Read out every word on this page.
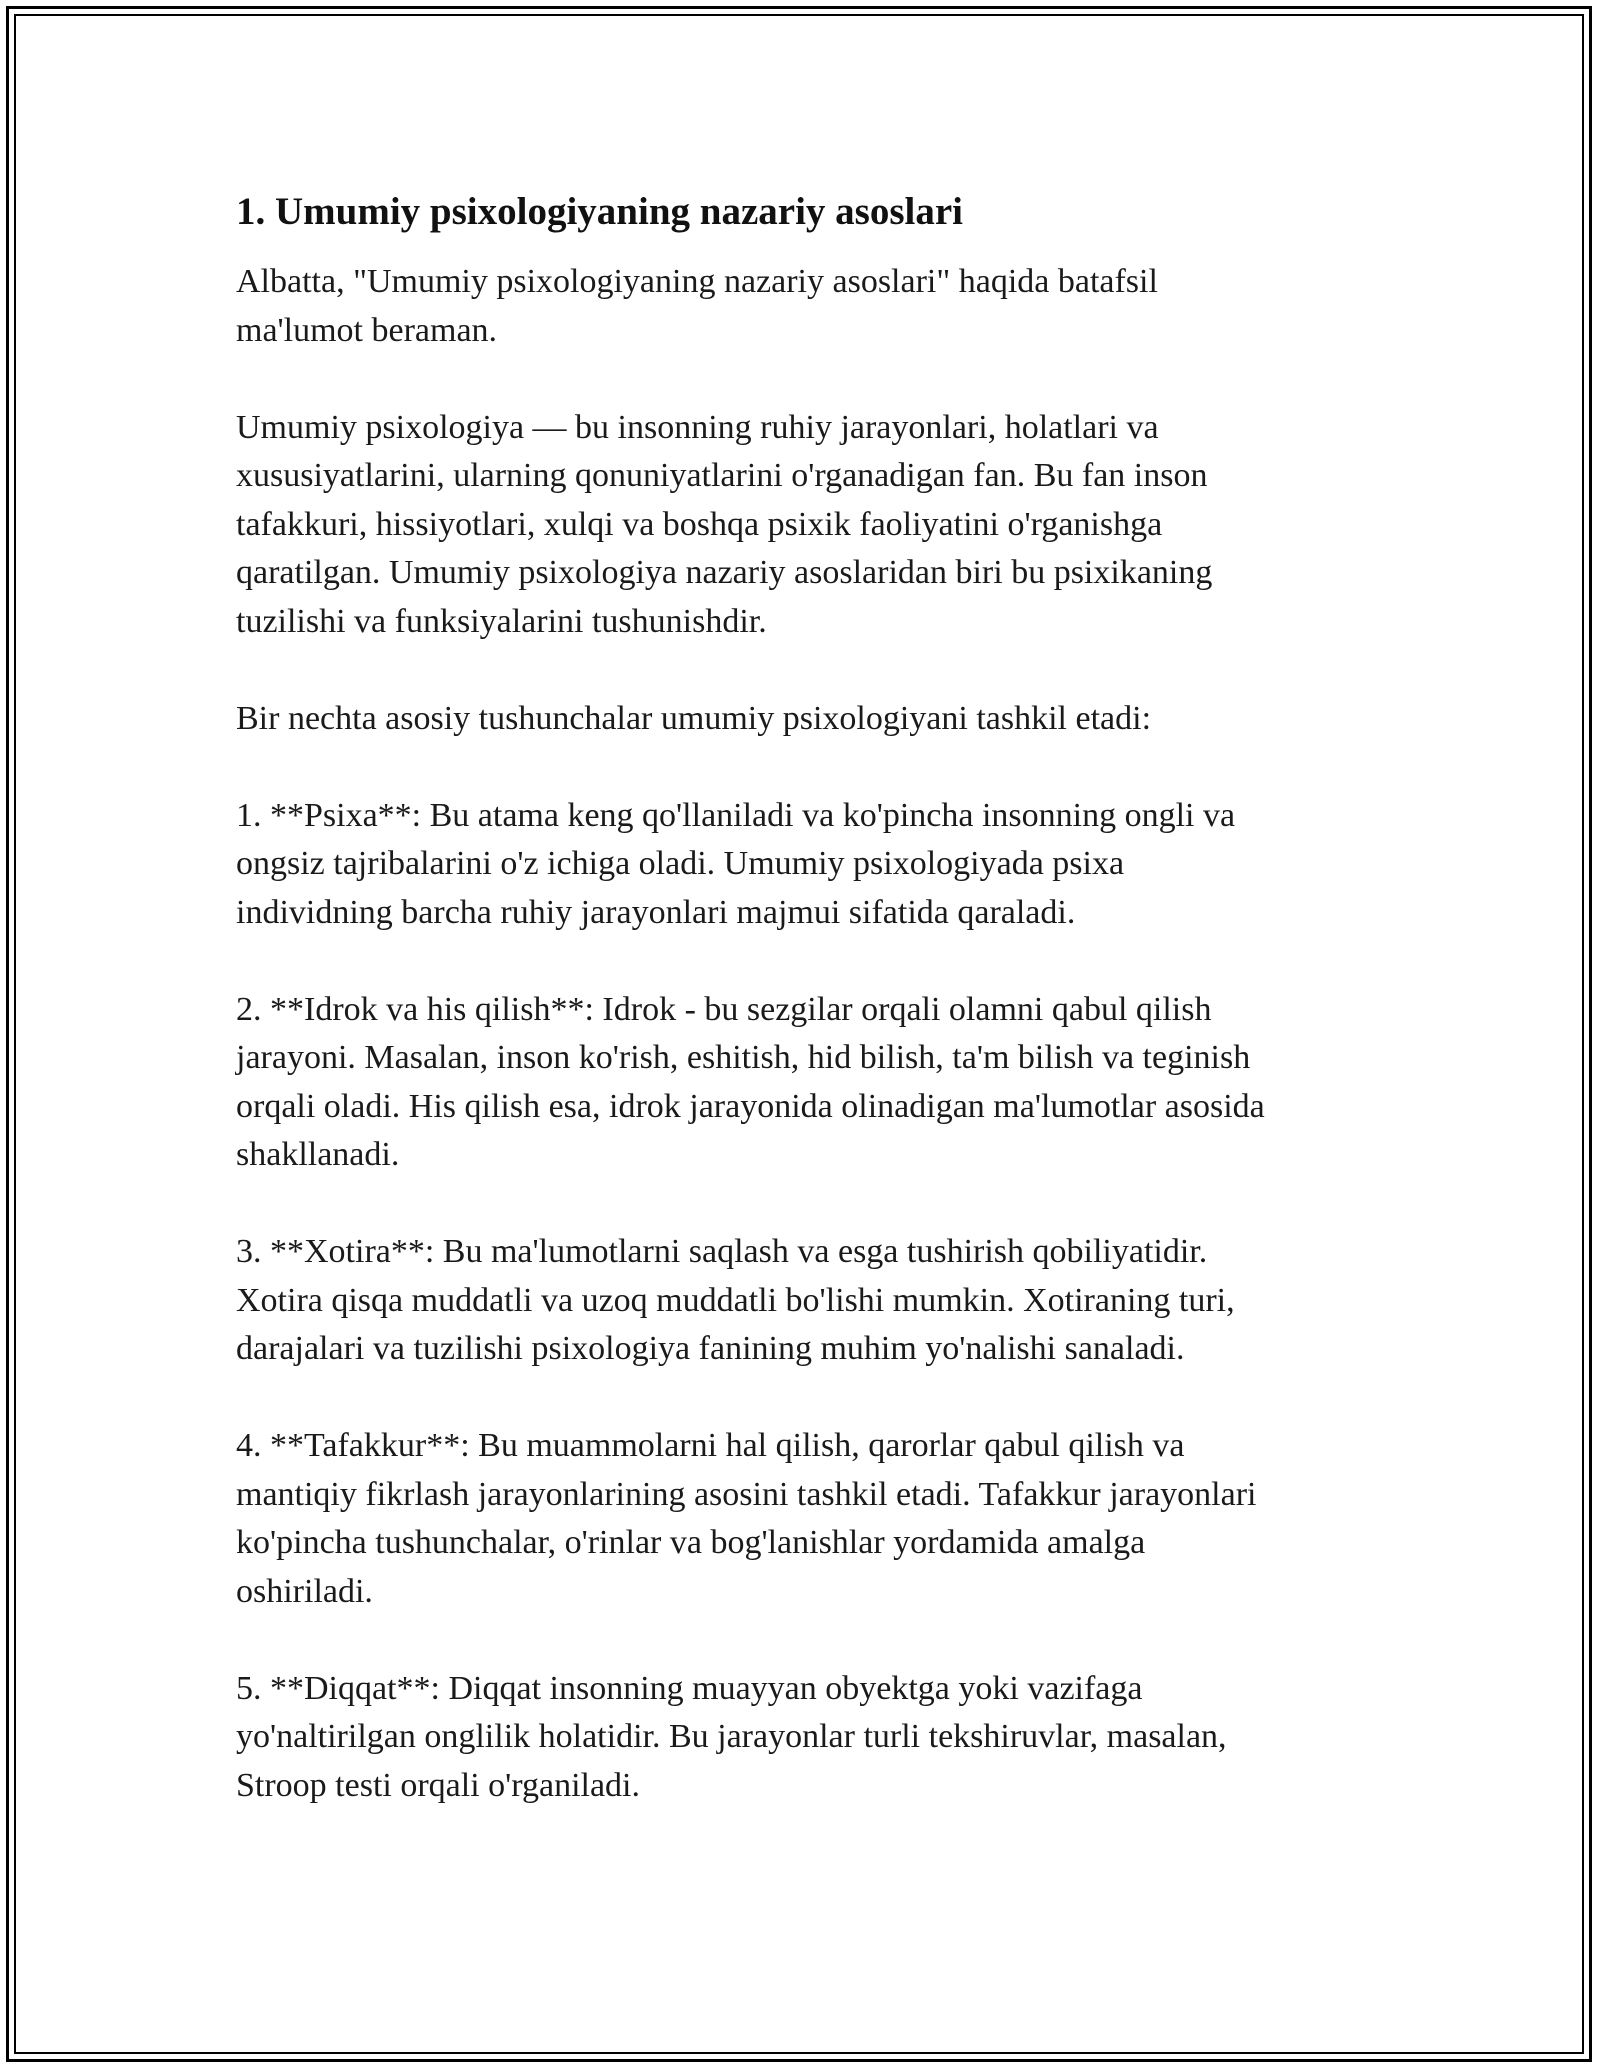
1. Umumiy psixologiyaning nazariy asoslari

Albatta, "Umumiy psixologiyaning nazariy asoslari" haqida batafsil
ma'lumot beraman.

Umumiy psixologiya — bu insonning ruhiy jarayonlari, holatlari va
xususiyatlarini, ularning qonuniyatlarini o'rganadigan fan. Bu fan inson
tafakkuri, hissiyotlari, xulqi va boshqa psixik faoliyatini o'rganishga
qaratilgan. Umumiy psixologiya nazariy asoslaridan biri bu psixikaning
tuzilishi va funksiyalarini tushunishdir.

Bir nechta asosiy tushunchalar umumiy psixologiyani tashkil etadi:

1. **Psixa**: Bu atama keng qo'llaniladi va ko'pincha insonning ongli va
ongsiz tajribalarini o'z ichiga oladi. Umumiy psixologiyada psixa
individning barcha ruhiy jarayonlari majmui sifatida qaraladi.

2. **Idrok va his qilish**: Idrok - bu sezgilar orqali olamni qabul qilish
jarayoni. Masalan, inson ko'rish, eshitish, hid bilish, ta'm bilish va teginish
orqali oladi. His qilish esa, idrok jarayonida olinadigan ma'lumotlar asosida
shakllanadi.

3. **Xotira**: Bu ma'lumotlarni saqlash va esga tushirish qobiliyatidir.
Xotira qisqa muddatli va uzoq muddatli bo'lishi mumkin. Xotiraning turi,
darajalari va tuzilishi psixologiya fanining muhim yo'nalishi sanaladi.

4. **Tafakkur**: Bu muammolarni hal qilish, qarorlar qabul qilish va
mantiqiy fikrlash jarayonlarining asosini tashkil etadi. Tafakkur jarayonlari
ko'pincha tushunchalar, o'rinlar va bog'lanishlar yordamida amalga
oshiriladi.

5. **Diqqat**: Diqqat insonning muayyan obyektga yoki vazifaga
yo'naltirilgan onglilik holatidir. Bu jarayonlar turli tekshiruvlar, masalan,
Stroop testi orqali o'rganiladi.
